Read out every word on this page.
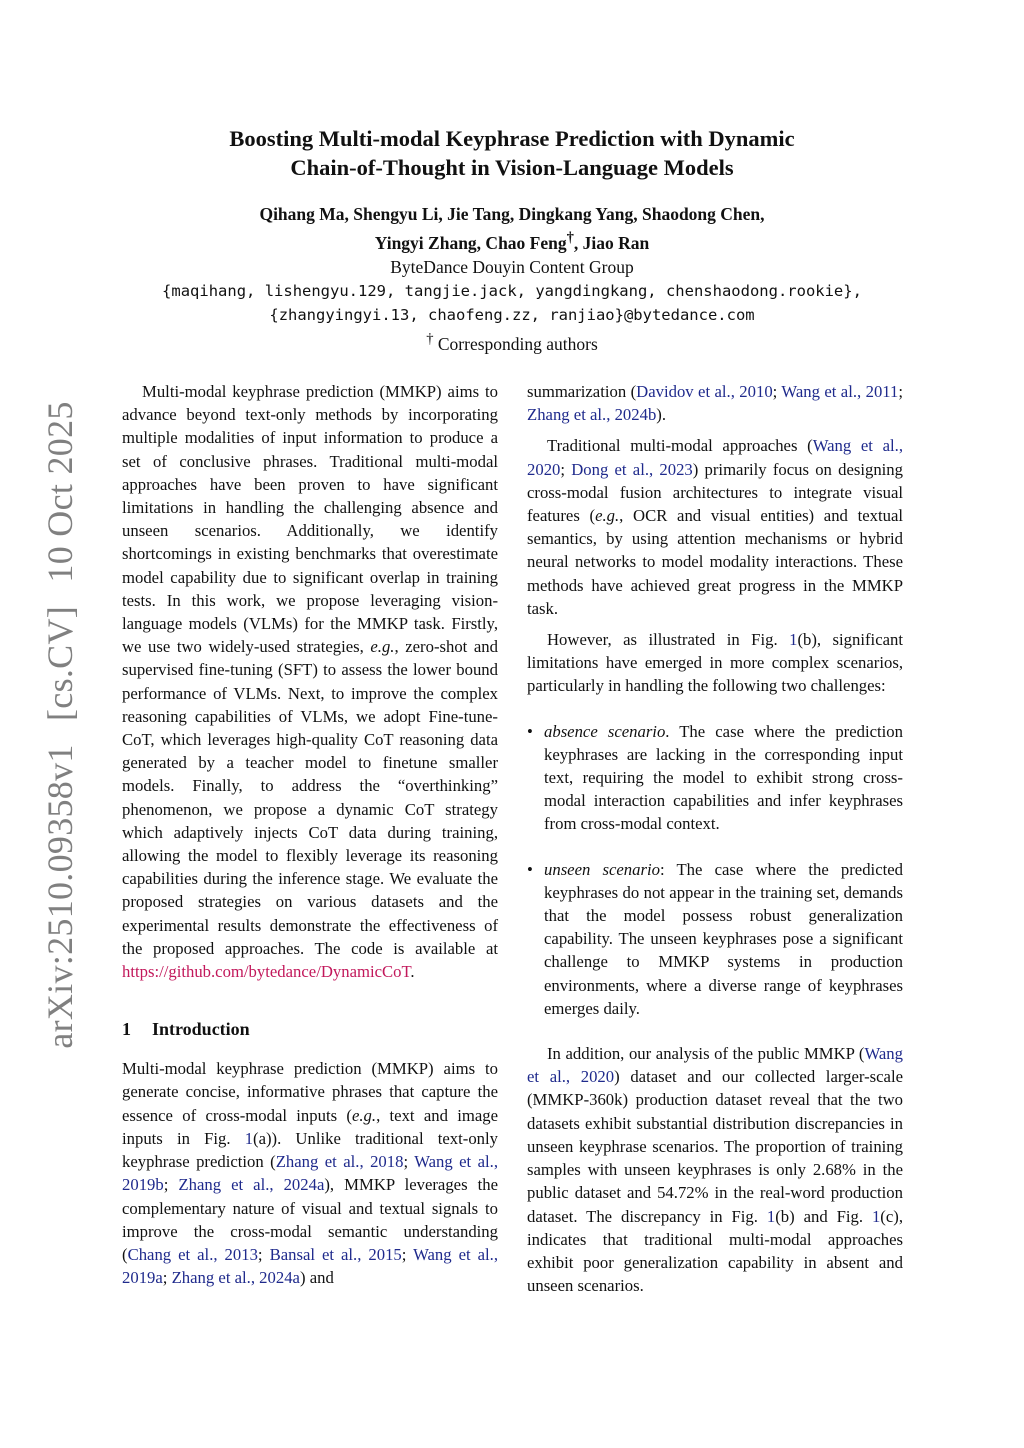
arXiv:2510.09358v1 [cs.CV] 10 Oct 2025
Boosting Multi-modal Keyphrase Prediction with Dynamic
Chain-of-Thought in Vision-Language Models
Qihang Ma, Shengyu Li, Jie Tang, Dingkang Yang, Shaodong Chen,
Yingyi Zhang, Chao Feng†, Jiao Ran
ByteDance Douyin Content Group
{maqihang, lishengyu.129, tangjie.jack, yangdingkang, chenshaodong.rookie},
{zhangyingyi.13, chaofeng.zz, ranjiao}@bytedance.com
† Corresponding authors

Multi-modal keyphrase prediction (MMKP) aims to advance beyond text-only methods by incorporating multiple modalities of input information to produce a set of conclusive phrases. Traditional multi-modal approaches have been proven to have significant limitations in handling the challenging absence and unseen scenarios. Additionally, we identify shortcomings in existing benchmarks that overestimate model capability due to significant overlap in training tests. In this work, we propose leveraging vision-language models (VLMs) for the MMKP task. Firstly, we use two widely-used strategies, e.g., zero-shot and supervised fine-tuning (SFT) to assess the lower bound performance of VLMs. Next, to improve the complex reasoning capabilities of VLMs, we adopt Fine-tune-CoT, which leverages high-quality CoT reasoning data generated by a teacher model to finetune smaller models. Finally, to address the “overthinking” phenomenon, we propose a dynamic CoT strategy which adaptively injects CoT data during training, allowing the model to flexibly leverage its reasoning capabilities during the inference stage. We evaluate the proposed strategies on various datasets and the experimental results demonstrate the effectiveness of the proposed approaches. The code is available at https://github.com/bytedance/DynamicCoT.

1 Introduction

Multi-modal keyphrase prediction (MMKP) aims to generate concise, informative phrases that capture the essence of cross-modal inputs (e.g., text and image inputs in Fig. 1(a)). Unlike traditional text-only keyphrase prediction (Zhang et al., 2018; Wang et al., 2019b; Zhang et al., 2024a), MMKP leverages the complementary nature of visual and textual signals to improve the cross-modal semantic understanding (Chang et al., 2013; Bansal et al., 2015; Wang et al., 2019a; Zhang et al., 2024a) and

summarization (Davidov et al., 2010; Wang et al., 2011; Zhang et al., 2024b).

Traditional multi-modal approaches (Wang et al., 2020; Dong et al., 2023) primarily focus on designing cross-modal fusion architectures to integrate visual features (e.g., OCR and visual entities) and textual semantics, by using attention mechanisms or hybrid neural networks to model modality interactions. These methods have achieved great progress in the MMKP task.

However, as illustrated in Fig. 1(b), significant limitations have emerged in more complex scenarios, particularly in handling the following two challenges:

• absence scenario. The case where the prediction keyphrases are lacking in the corresponding input text, requiring the model to exhibit strong cross-modal interaction capabilities and infer keyphrases from cross-modal context.
• unseen scenario: The case where the predicted keyphrases do not appear in the training set, demands that the model possess robust generalization capability. The unseen keyphrases pose a significant challenge to MMKP systems in production environments, where a diverse range of keyphrases emerges daily.

In addition, our analysis of the public MMKP (Wang et al., 2020) dataset and our collected larger-scale (MMKP-360k) production dataset reveal that the two datasets exhibit substantial distribution discrepancies in unseen keyphrase scenarios. The proportion of training samples with unseen keyphrases is only 2.68% in the public dataset and 54.72% in the real-word production dataset. The discrepancy in Fig. 1(b) and Fig. 1(c), indicates that traditional multi-modal approaches exhibit poor generalization capability in absent and unseen scenarios.
